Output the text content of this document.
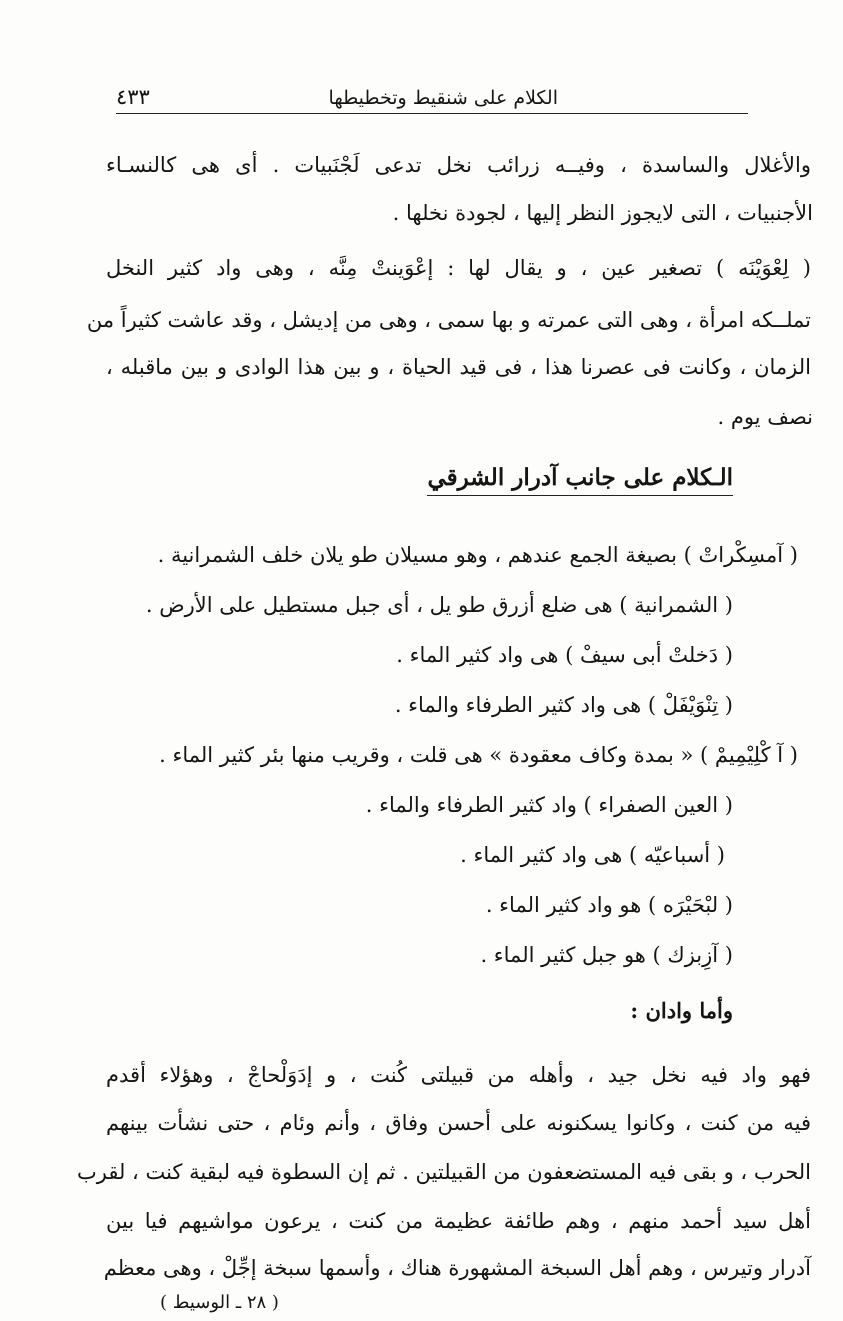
الكلام على شنقيط وتخطيطها
٤٣٣
والأغلال والساسدة ، وفيــه زرائب نخل تدعى لَجْنَبيات . أى هى كالنسـاء
الأجنبيات ، التى لايجوز النظر إليها ، لجودة نخلها .
( لِعْوَيْنَه ) تصغير عين ، و يقال لها : إعْوَينتْ مِنَّه ، وهى واد كثير النخل
تملــكه امرأة ، وهى التى عمرته و بها سمى ، وهى من إديشل ، وقد عاشت كثيراً من
الزمان ، وكانت فى عصرنا هذا ، فى قيد الحياة ، و بين هذا الوادى و بين ماقبله ،
نصف يوم .
الـكلام على جانب آدرار الشرقي
( آمسِكْراتْ ) بصيغة الجمع عندهم ، وهو مسيلان طو يلان خلف الشمرانية .
( الشمرانية ) هى ضلع أزرق طو يل ، أى جبل مستطيل على الأرض .
( دَخلتْ أبى سيفْ ) هى واد كثير الماء .
( تِنْوَيْفَلْ ) هى واد كثير الطرفاء والماء .
( آ كْلِيْمِيمْ ) « بمدة وكاف معقودة » هى قلت ، وقريب منها بئر كثير الماء .
( العين الصفراء ) واد كثير الطرفاء والماء .
( أسباعيّه ) هى واد كثير الماء .
( لبْحَيْرَه ) هو واد كثير الماء .
( آزِبزك ) هو جبل كثير الماء .
وأما وادان :
فهو واد فيه نخل جيد ، وأهله من قبيلتى كُنت ، و إدَوَلْحاجْ ، وهؤلاء أقدم
فيه من كنت ، وكانوا يسكنونه على أحسن وفاق ، وأنم وئام ، حتى نشأت بينهم
الحرب ، و بقى فيه المستضعفون من القبيلتين . ثم إن السطوة فيه لبقية كنت ، لقرب
أهل سيد أحمد منهم ، وهم طائفة عظيمة من كنت ، يرعون مواشيهم فيا بين
آدرار وتيرس ، وهم أهل السبخة المشهورة هناك ، وأسمها سبخة إجِّلْ ، وهى معظم
( ٢٨ ـ الوسيط )
